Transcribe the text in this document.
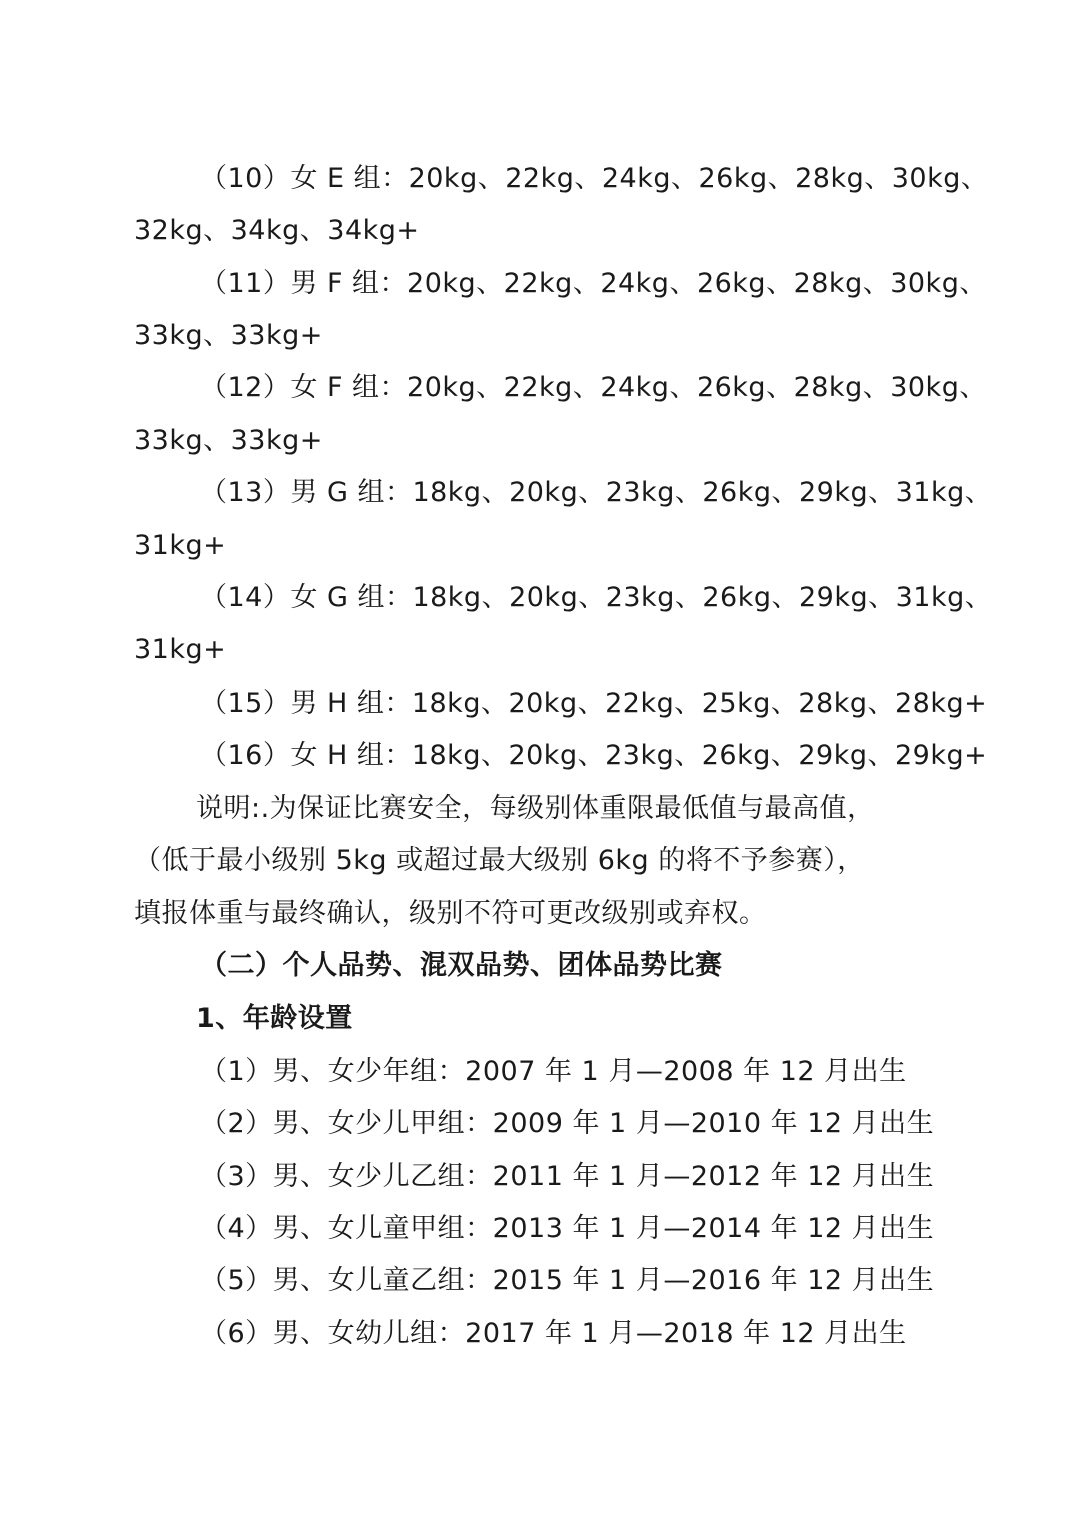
（10）女 E 组：20kg、22kg、24kg、26kg、28kg、30kg、
32kg、34kg、34kg+
（11）男 F 组：20kg、22kg、24kg、26kg、28kg、30kg、
33kg、33kg+
（12）女 F 组：20kg、22kg、24kg、26kg、28kg、30kg、
33kg、33kg+
（13）男 G 组：18kg、20kg、23kg、26kg、29kg、31kg、
31kg+
（14）女 G 组：18kg、20kg、23kg、26kg、29kg、31kg、
31kg+
（15）男 H 组：18kg、20kg、22kg、25kg、28kg、28kg+
（16）女 H 组：18kg、20kg、23kg、26kg、29kg、29kg+
说明:.为保证比赛安全，每级别体重限最低值与最高值，
（低于最小级别 5kg 或超过最大级别 6kg 的将不予参赛），
填报体重与最终确认，级别不符可更改级别或弃权。
（二）个人品势、混双品势、团体品势比赛
1、年龄设置
（1）男、女少年组：2007 年 1 月—2008 年 12 月出生
（2）男、女少儿甲组：2009 年 1 月—2010 年 12 月出生
（3）男、女少儿乙组：2011 年 1 月—2012 年 12 月出生
（4）男、女儿童甲组：2013 年 1 月—2014 年 12 月出生
（5）男、女儿童乙组：2015 年 1 月—2016 年 12 月出生
（6）男、女幼儿组：2017 年 1 月—2018 年 12 月出生
